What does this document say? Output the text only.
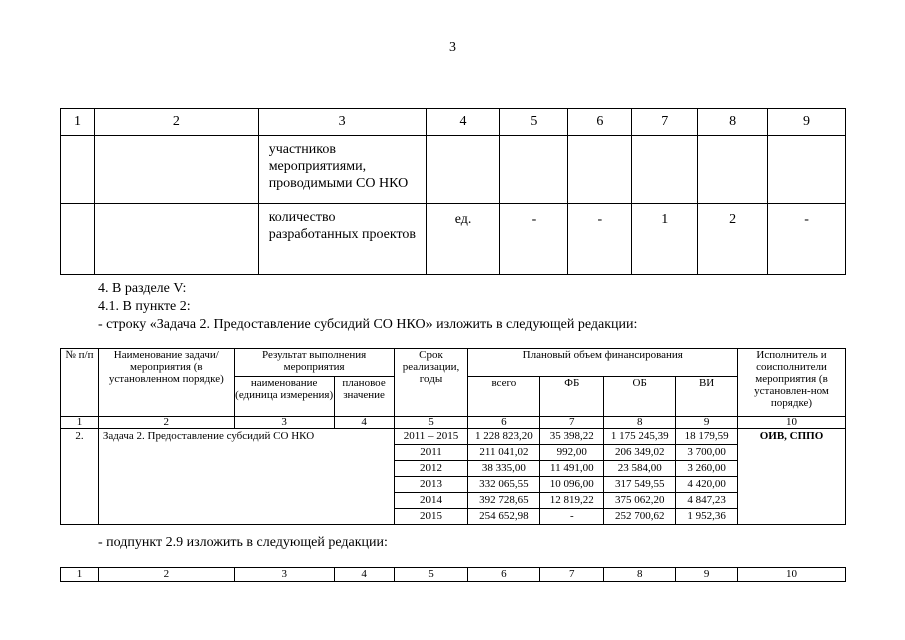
3
1	2	3	4	5	6	7	8	9
		участников мероприятиями, проводимыми СО НКО						
		количество разработанных проектов	ед.	-	-	1	2	-
4. В разделе V:
4.1. В пункте 2:
- строку «Задача 2. Предоставление субсидий СО НКО» изложить в следующей редакции:
№ п/п	Наименование задачи/мероприятия (в установленном порядке)	Результат выполнения мероприятия		Срок реализации, годы	Плановый объем финансирования				Исполнитель и соисполнители мероприятия (в установлен-ном порядке)
		наименование (единица измерения)	плановое значение		всего	ФБ	ОБ	ВИ	
1	2	3	4	5	6	7	8	9	10
2.	Задача 2. Предоставление субсидий СО НКО			2011 – 2015	1 228 823,20	35 398,22	1 175 245,39	18 179,59	ОИВ, СППО
				2011	211 041,02	992,00	206 349,02	3 700,00	
				2012	38 335,00	11 491,00	23 584,00	3 260,00	
				2013	332 065,55	10 096,00	317 549,55	4 420,00	
				2014	392 728,65	12 819,22	375 062,20	4 847,23	
				2015	254 652,98	-	252 700,62	1 952,36	
- подпункт 2.9 изложить в следующей редакции:
1	2	3	4	5	6	7	8	9	10
